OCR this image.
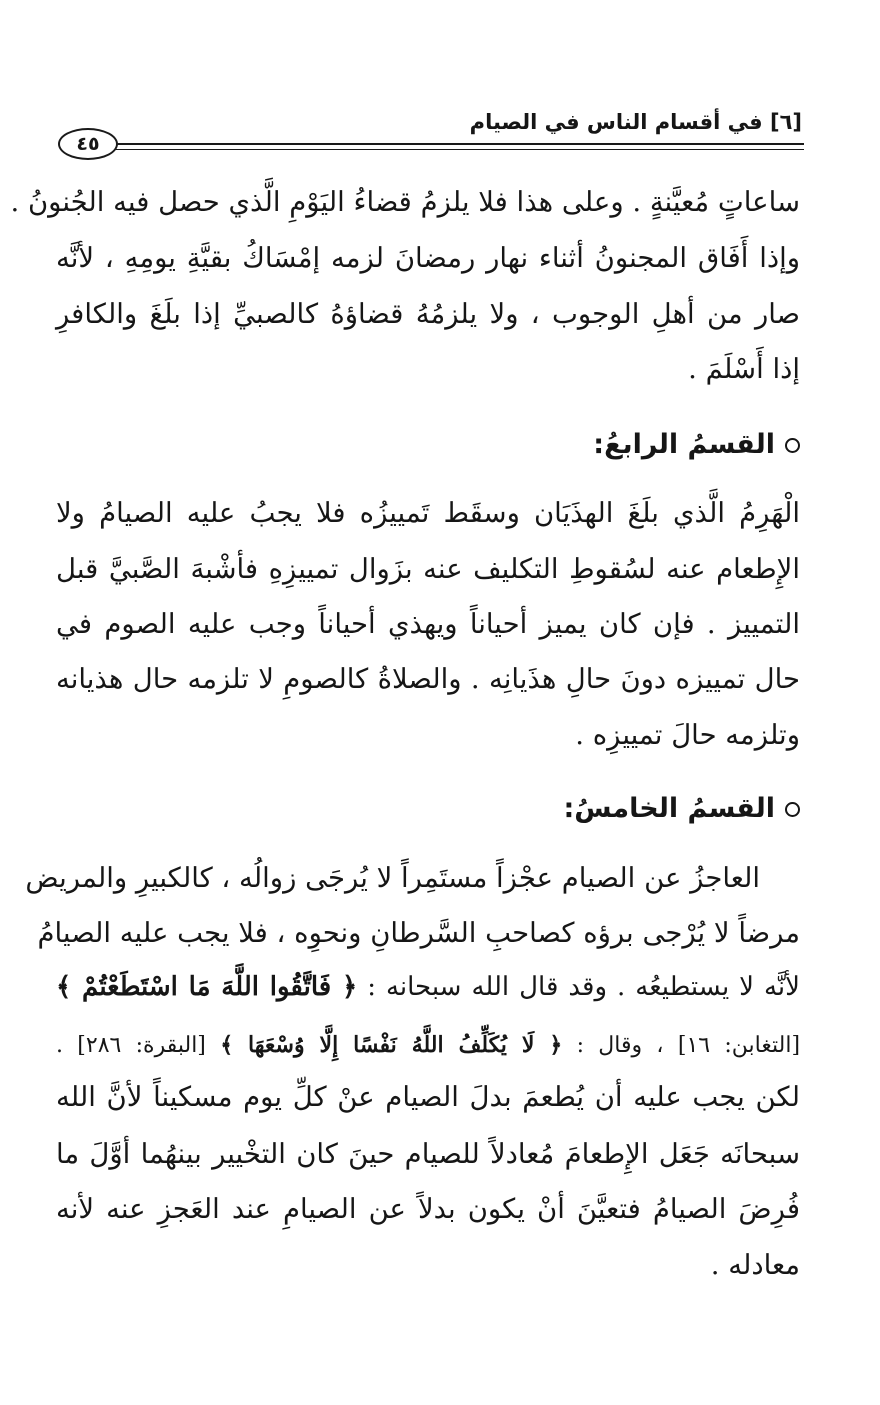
[٦] في أقسام الناس في الصيام
٤٥
ساعاتٍ مُعيَّنةٍ . وعلى هذا فلا يلزمُ قضاءُ اليَوْمِ الَّذي حصل فيه الجُنونُ .
وإذا أَفَاق المجنونُ أثناء نهار رمضانَ لزمه إمْسَاكُ بقيَّةِ يومِهِ ، لأنَّه
صار من أهلِ الوجوب ، ولا يلزمُهُ قضاؤهُ كالصبيِّ إذا بلَغَ والكافرِ
إذا أَسْلَمَ .
القسمُ الرابعُ:
الْهَرِمُ الَّذي بلَغَ الهذَيَان وسقَط تَمييزُه فلا يجبُ عليه الصيامُ ولا
الإِطعام عنه لسُقوطِ التكليف عنه بزَوال تمييزِهِ فأشْبهَ الصَّبيَّ قبل
التمييز . فإن كان يميز أحياناً ويهذي أحياناً وجب عليه الصوم في
حال تمييزه دونَ حالِ هذَيانِه . والصلاةُ كالصومِ لا تلزمه حال هذيانه
وتلزمه حالَ تمييزِه .
القسمُ الخامسُ:
العاجزُ عن الصيام عجْزاً مستَمِراً لا يُرجَى زوالُه ، كالكبيرِ والمريض
مرضاً لا يُرْجى برؤه كصاحبِ السَّرطانِ ونحوِه ، فلا يجب عليه الصيامُ
لأنَّه لا يستطيعُه . وقد قال الله سبحانه : ﴿ فَاتَّقُوا اللَّهَ مَا اسْتَطَعْتُمْ ﴾
[التغابن: ١٦] ، وقال : ﴿ لَا يُكَلِّفُ اللَّهُ نَفْسًا إِلَّا وُسْعَهَا ﴾ [البقرة: ٢٨٦] .
لكن يجب عليه أن يُطعمَ بدلَ الصيام عنْ كلِّ يوم مسكيناً لأنَّ الله
سبحانَه جَعَل الإِطعامَ مُعادلاً للصيام حينَ كان التخْيير بينهُما أوَّلَ ما
فُرِضَ الصيامُ فتعيَّنَ أنْ يكون بدلاً عن الصيامِ عند العَجزِ عنه لأنه
معادله .
